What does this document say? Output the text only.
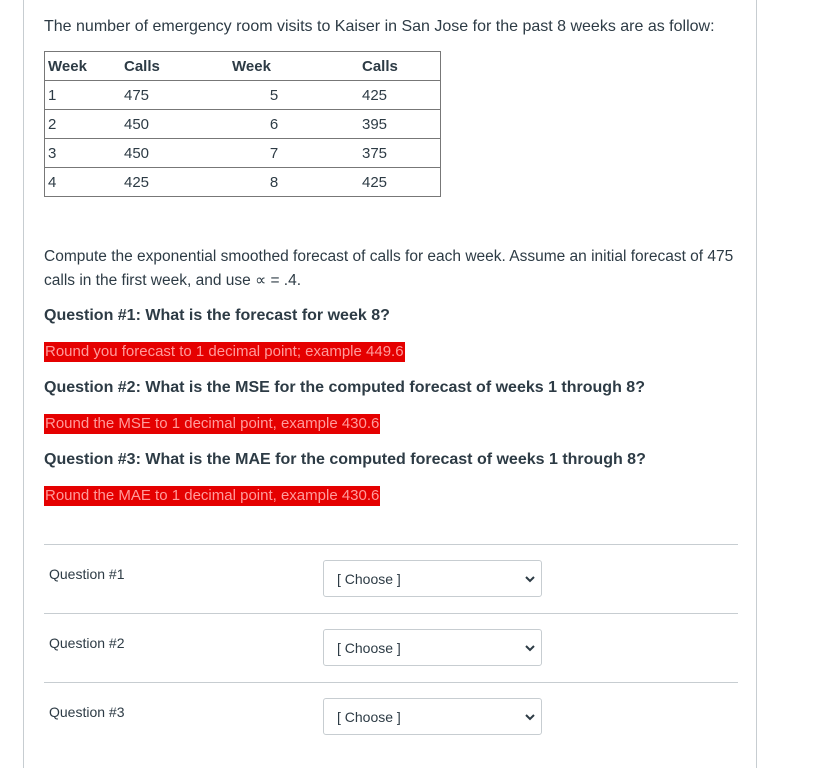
The number of emergency room visits to Kaiser in San Jose for the past 8 weeks are as follow:
Week	Calls	Week	Calls
1	475	5	425
2	450	6	395
3	450	7	375
4	425	8	425
Compute the exponential smoothed forecast of calls for each week. Assume an initial forecast of 475 calls in the first week, and use ∝ = .4.
Question #1: What is the forecast for week 8?
Round you forecast to 1 decimal point; example 449.6
Question #2: What is the MSE for the computed forecast of weeks 1 through 8?
Round the MSE to 1 decimal point, example 430.6
Question #3: What is the MAE for the computed forecast of weeks 1 through 8?
Round the MAE to 1 decimal point, example 430.6
Question #1	[ Choose ]
Question #2	[ Choose ]
Question #3	[ Choose ]
